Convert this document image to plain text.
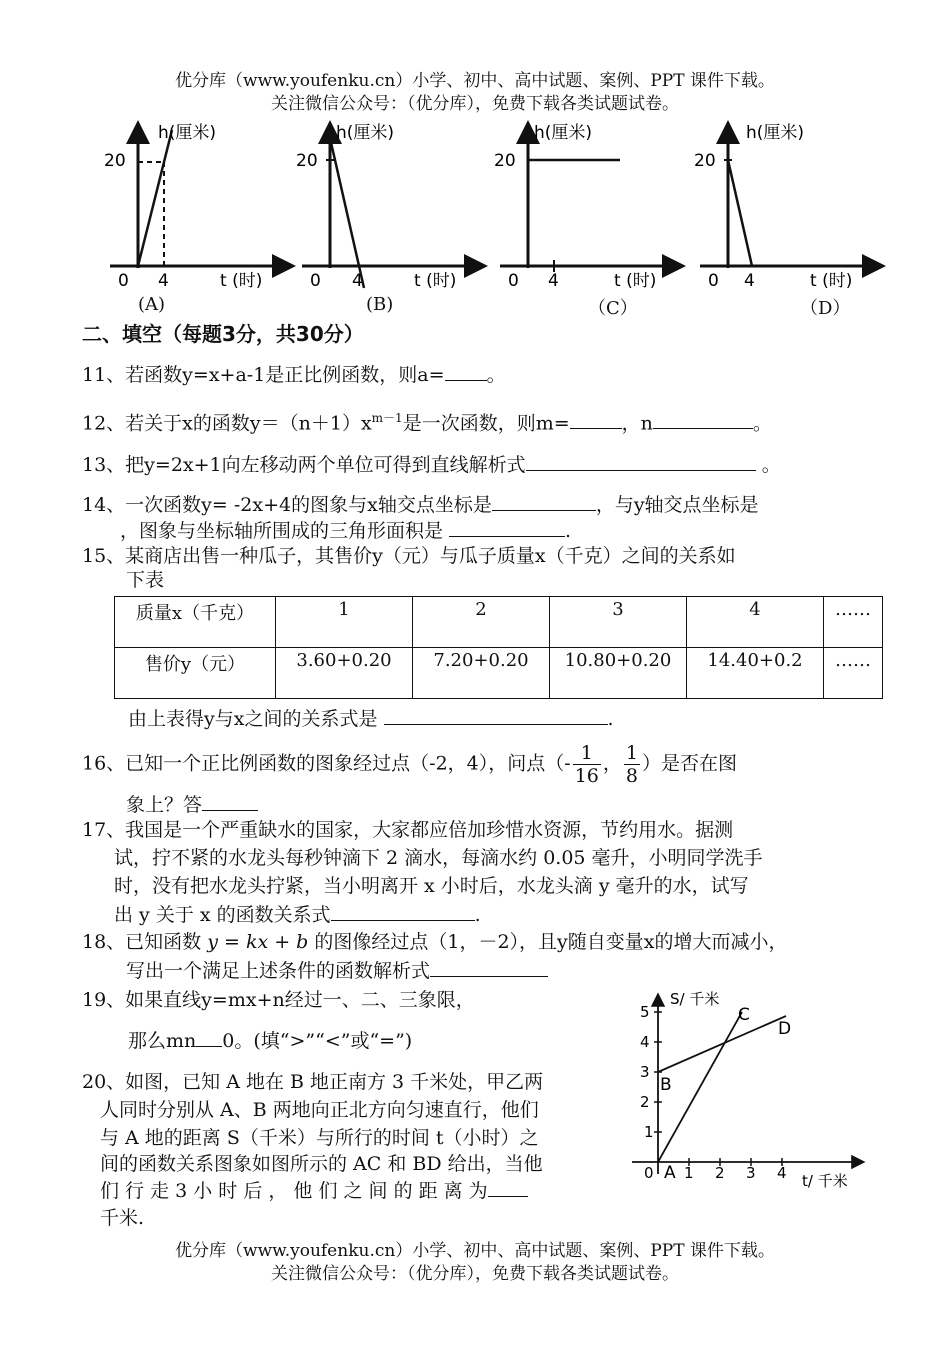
优分库（www.youfenku.cn）小学、初中、高中试题、案例、PPT 课件下载。
关注微信公众号：（优分库），免费下载各类试题试卷。
20
h(厘米)
0 4	t (时)
(A)
20
h(厘米)
0 4	t (时)
(B)
20
h(厘米)
0 4	t (时)
（C）
20
h(厘米)
0 4	t (时)
（D）
二、填空（每题3分，共30分）
11、若函数y=x+a-1是正比例函数，则a= 。
12、若关于x的函数$y=(n+1)x^{m-1}$是一次函数，则m=	，n	。
13、把y=2x+1向左移动两个单位可得到直线解析式	。
14、一次函数y= -2x+4的图象与x轴交点坐标是	，与y轴交点坐标是
，图象与坐标轴所围成的三角形面积是	.
15、某商店出售一种瓜子，其售价y（元）与瓜子质量x（千克）之间的关系如
下表
质量x（千克）	1	2	3	4	……
售价y（元）	3.60+0.20	7.20+0.20	10.80+0.20	14.40+0.2	……
由上表得y与x之间的关系式是	.
16、已知一个正比例函数的图象经过点（-2，4），问点（- $\frac{1}{16}$ ， $\frac{1}{8}$ ）是否在图
象上？答
17、我国是一个严重缺水的国家，大家都应倍加珍惜水资源，节约用水。据测
试，拧不紧的水龙头每秒钟滴下 2 滴水，每滴水约 0.05 毫升，小明同学洗手
时，没有把水龙头拧紧，当小明离开 x 小时后，水龙头滴 y 毫升的水，试写
出 y 关于 x 的函数关系式	.
18、已知函数 y = kx + b 的图像经过点（1，－2），且y随自变量x的增大而减小，
写出一个满足上述条件的函数解析式
19、如果直线y=mx+n经过一、二、三象限，
那么mn 0。(填“>”“<”或“=”)
20、如图，已知 A 地在 B 地正南方 3 千米处，甲乙两
人同时分别从 A、B 两地向正北方向匀速直行，他们
与 A 地的距离 S（千米）与所行的时间 t（小时）之
间的函数关系图象如图所示的 AC 和 BD 给出，当他
们 行 走 3 小 时 后 ， 他 们 之 间 的 距 离 为
千米.
S/ 千米
t/ 千米
5
4
3
2
1
0 1 2 3 4
A
B
C
D
优分库（www.youfenku.cn）小学、初中、高中试题、案例、PPT 课件下载。
关注微信公众号：（优分库），免费下载各类试题试卷。
